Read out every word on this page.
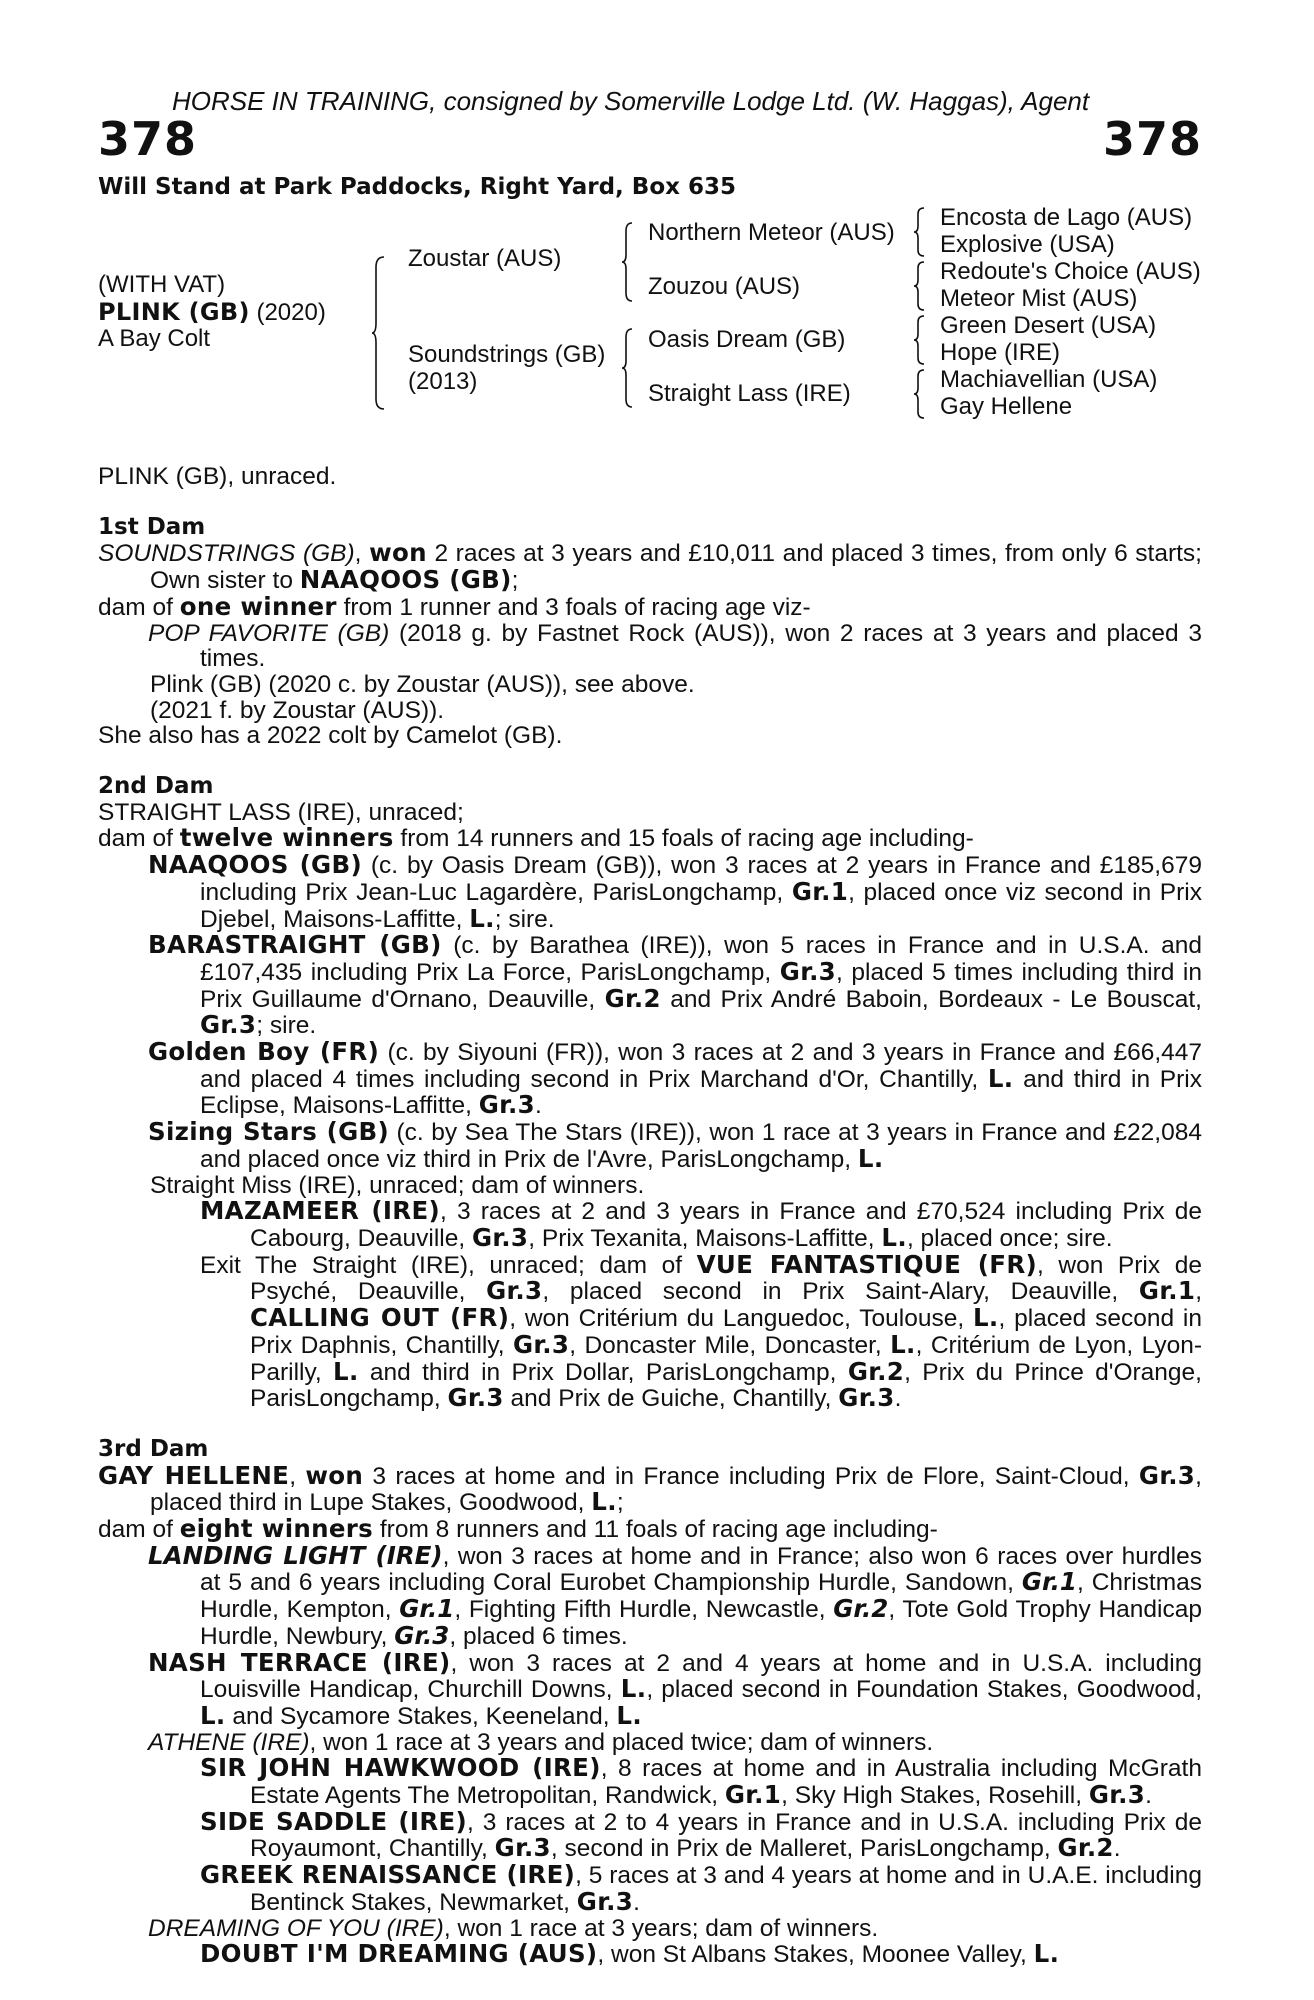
HORSE IN TRAINING, consigned by Somerville Lodge Ltd. (W. Haggas), Agent
378	378
Will Stand at Park Paddocks, Right Yard, Box 635
(WITH VAT)
PLINK (GB) (2020)
A Bay Colt
Zoustar (AUS)
Soundstrings (GB)
(2013)
Northern Meteor (AUS)
Zouzou (AUS)
Oasis Dream (GB)
Straight Lass (IRE)
Encosta de Lago (AUS)
Explosive (USA)
Redoute's Choice (AUS)
Meteor Mist (AUS)
Green Desert (USA)
Hope (IRE)
Machiavellian (USA)
Gay Hellene

PLINK (GB), unraced.

1st Dam

SOUNDSTRINGS (GB), won 2 races at 3 years and £10,011 and placed 3 times, from only 6 starts; Own sister to NAAQOOS (GB);

dam of one winner from 1 runner and 3 foals of racing age viz-

POP FAVORITE (GB) (2018 g. by Fastnet Rock (AUS)), won 2 races at 3 years and placed 3 times.

Plink (GB) (2020 c. by Zoustar (AUS)), see above.

(2021 f. by Zoustar (AUS)).

She also has a 2022 colt by Camelot (GB).

2nd Dam

STRAIGHT LASS (IRE), unraced;

dam of twelve winners from 14 runners and 15 foals of racing age including-

NAAQOOS (GB) (c. by Oasis Dream (GB)), won 3 races at 2 years in France and £185,679 including Prix Jean-Luc Lagardère, ParisLongchamp, Gr.1, placed once viz second in Prix Djebel, Maisons-Laffitte, L.; sire.

BARASTRAIGHT (GB) (c. by Barathea (IRE)), won 5 races in France and in U.S.A. and £107,435 including Prix La Force, ParisLongchamp, Gr.3, placed 5 times including third in Prix Guillaume d'Ornano, Deauville, Gr.2 and Prix André Baboin, Bordeaux - Le Bouscat, Gr.3; sire.

Golden Boy (FR) (c. by Siyouni (FR)), won 3 races at 2 and 3 years in France and £66,447 and placed 4 times including second in Prix Marchand d'Or, Chantilly, L. and third in Prix Eclipse, Maisons-Laffitte, Gr.3.

Sizing Stars (GB) (c. by Sea The Stars (IRE)), won 1 race at 3 years in France and £22,084 and placed once viz third in Prix de l'Avre, ParisLongchamp, L.

Straight Miss (IRE), unraced; dam of winners.

MAZAMEER (IRE), 3 races at 2 and 3 years in France and £70,524 including Prix de Cabourg, Deauville, Gr.3, Prix Texanita, Maisons-Laffitte, L., placed once; sire.

Exit The Straight (IRE), unraced; dam of VUE FANTASTIQUE (FR), won Prix de Psyché, Deauville, Gr.3, placed second in Prix Saint-Alary, Deauville, Gr.1, CALLING OUT (FR), won Critérium du Languedoc, Toulouse, L., placed second in Prix Daphnis, Chantilly, Gr.3, Doncaster Mile, Doncaster, L., Critérium de Lyon, Lyon-Parilly, L. and third in Prix Dollar, ParisLongchamp, Gr.2, Prix du Prince d'Orange, ParisLongchamp, Gr.3 and Prix de Guiche, Chantilly, Gr.3.

3rd Dam

GAY HELLENE, won 3 races at home and in France including Prix de Flore, Saint-Cloud, Gr.3, placed third in Lupe Stakes, Goodwood, L.;

dam of eight winners from 8 runners and 11 foals of racing age including-

LANDING LIGHT (IRE), won 3 races at home and in France; also won 6 races over hurdles at 5 and 6 years including Coral Eurobet Championship Hurdle, Sandown, Gr.1, Christmas Hurdle, Kempton, Gr.1, Fighting Fifth Hurdle, Newcastle, Gr.2, Tote Gold Trophy Handicap Hurdle, Newbury, Gr.3, placed 6 times.

NASH TERRACE (IRE), won 3 races at 2 and 4 years at home and in U.S.A. including Louisville Handicap, Churchill Downs, L., placed second in Foundation Stakes, Goodwood, L. and Sycamore Stakes, Keeneland, L.

ATHENE (IRE), won 1 race at 3 years and placed twice; dam of winners.

SIR JOHN HAWKWOOD (IRE), 8 races at home and in Australia including McGrath Estate Agents The Metropolitan, Randwick, Gr.1, Sky High Stakes, Rosehill, Gr.3.

SIDE SADDLE (IRE), 3 races at 2 to 4 years in France and in U.S.A. including Prix de Royaumont, Chantilly, Gr.3, second in Prix de Malleret, ParisLongchamp, Gr.2.

GREEK RENAISSANCE (IRE), 5 races at 3 and 4 years at home and in U.A.E. including Bentinck Stakes, Newmarket, Gr.3.

DREAMING OF YOU (IRE), won 1 race at 3 years; dam of winners.

DOUBT I'M DREAMING (AUS), won St Albans Stakes, Moonee Valley, L.
